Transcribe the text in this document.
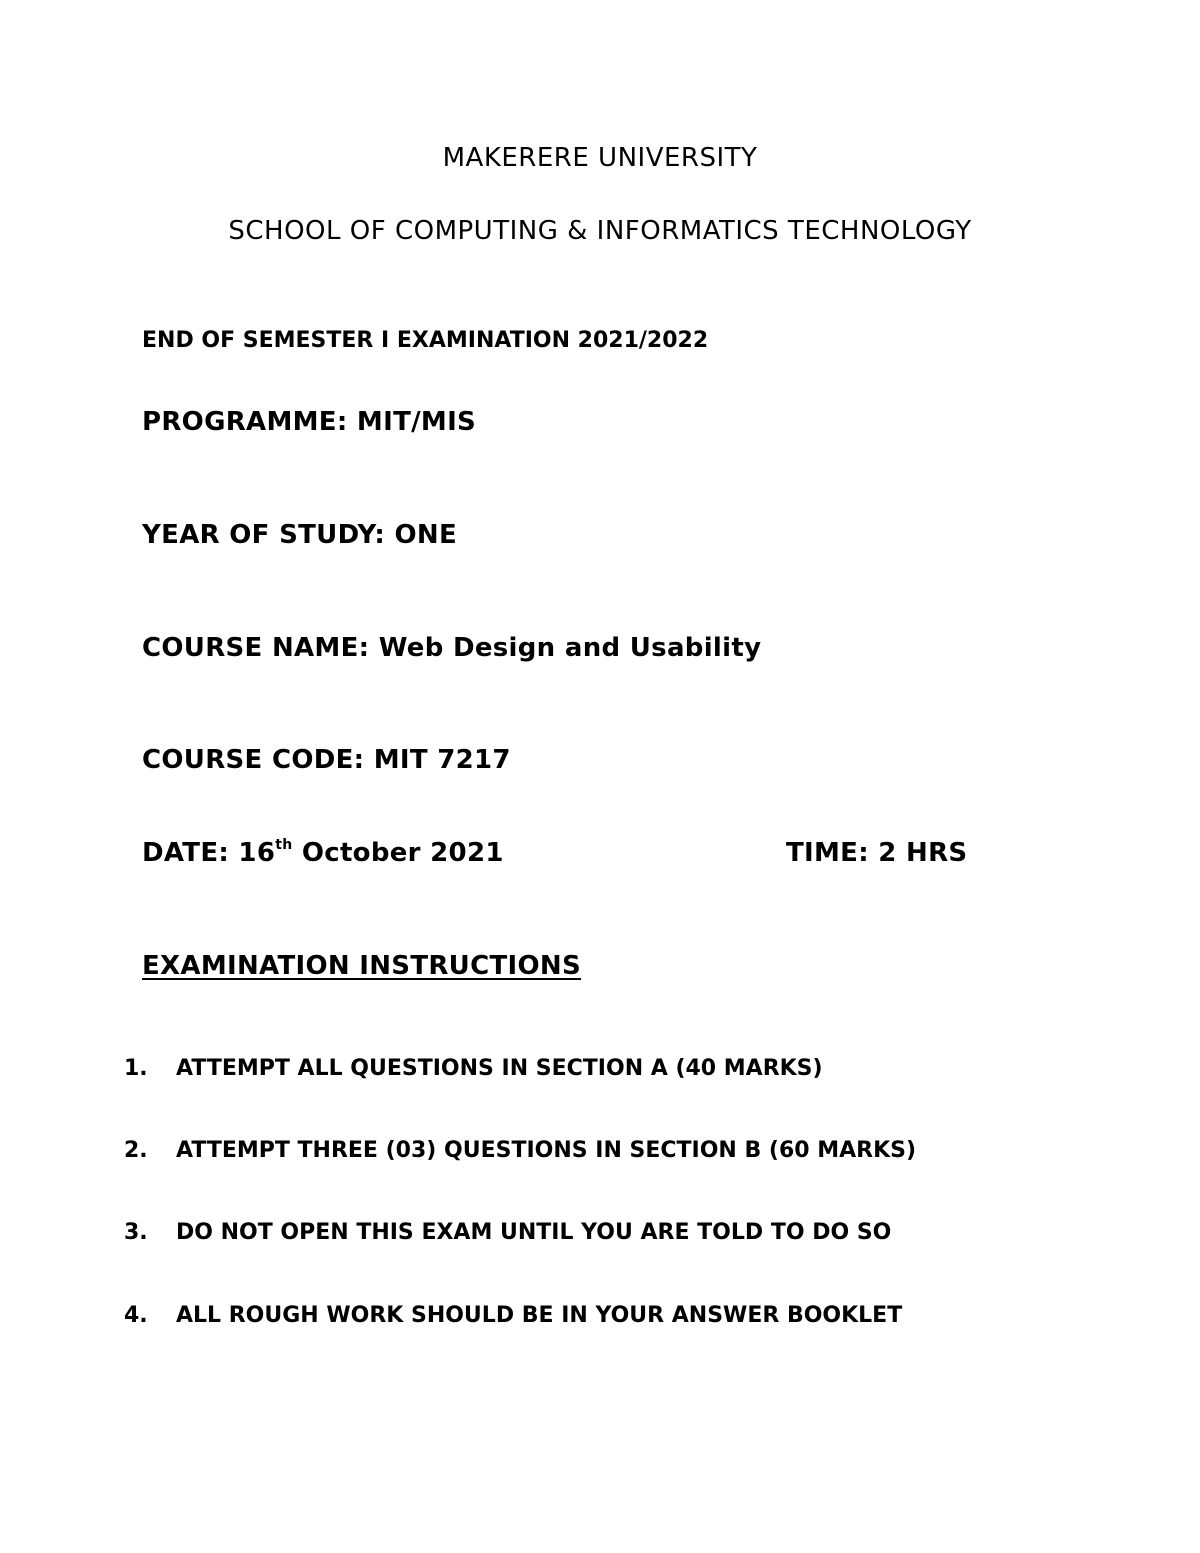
MAKERERE UNIVERSITY
SCHOOL OF COMPUTING & INFORMATICS TECHNOLOGY
END OF SEMESTER I EXAMINATION 2021/2022
PROGRAMME: MIT/MIS
YEAR OF STUDY: ONE
COURSE NAME: Web Design and Usability
COURSE CODE: MIT 7217
DATE: 16th October 2021	TIME: 2 HRS
EXAMINATION INSTRUCTIONS
1. ATTEMPT ALL QUESTIONS IN SECTION A (40 MARKS)
2. ATTEMPT THREE (03) QUESTIONS IN SECTION B (60 MARKS)
3. DO NOT OPEN THIS EXAM UNTIL YOU ARE TOLD TO DO SO
4. ALL ROUGH WORK SHOULD BE IN YOUR ANSWER BOOKLET
